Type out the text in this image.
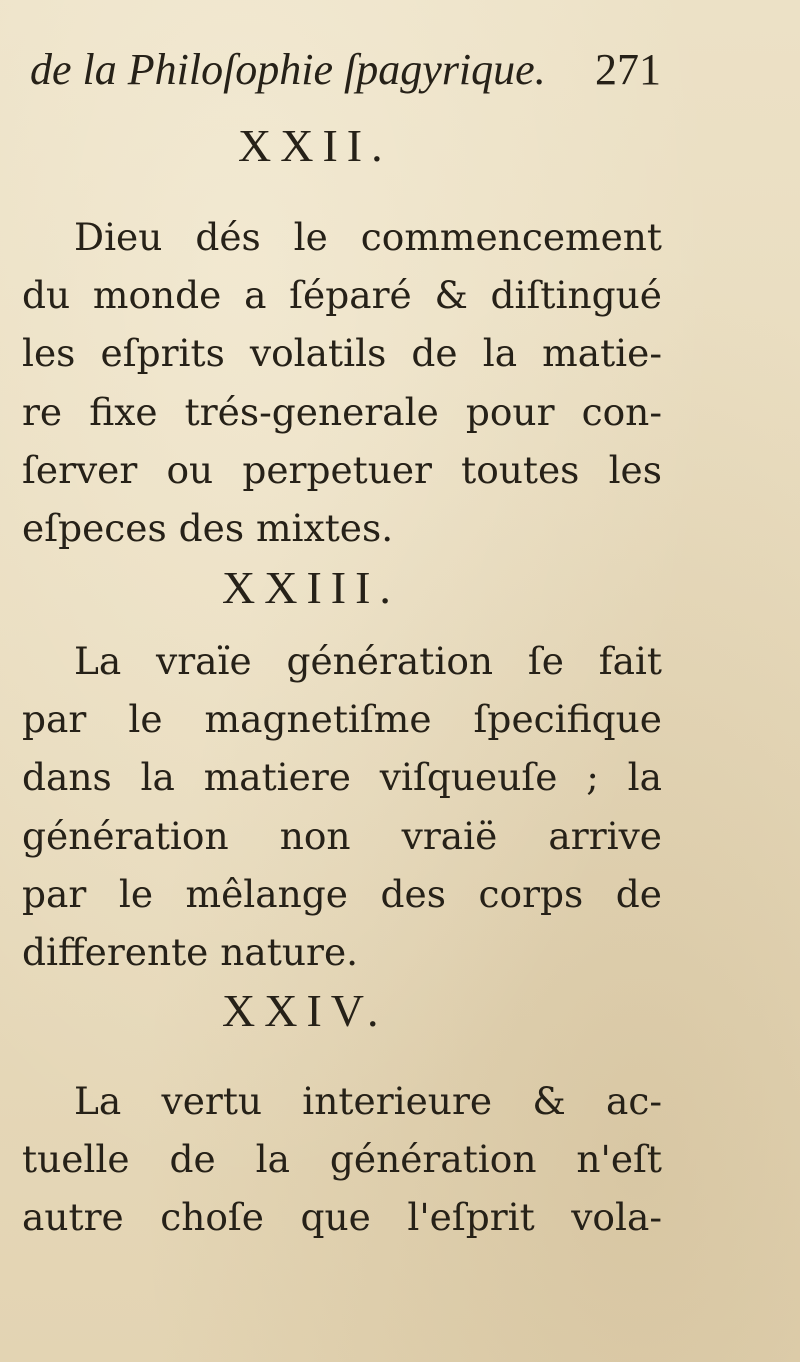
de la Philoſophie ſpagyrique. 271
XXII.
Dieu dés le commencement
du monde a ſéparé & diſtingué
les eſprits volatils de la matie-
re fixe trés-generale pour con-
ſerver ou perpetuer toutes les
eſpeces des mixtes.
XXIII.
La vraïe génération ſe fait
par le magnetiſme ſpecifique
dans la matiere viſqueuſe ; la
génération non vraië arrive
par le mêlange des corps de
differente nature.
XXIV.
La vertu interieure & ac-
tuelle de la génération n'eſt
autre choſe que l'eſprit vola-
